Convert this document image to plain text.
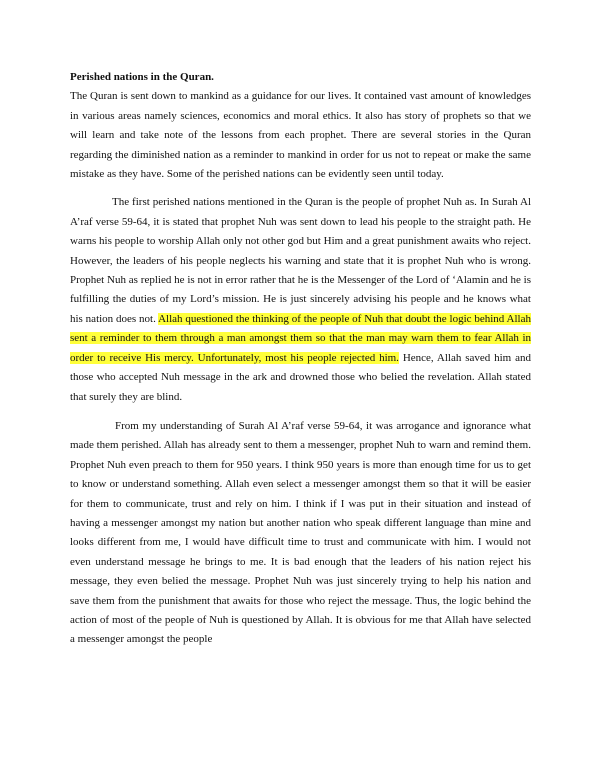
Perished nations in the Quran.

The Quran is sent down to mankind as a guidance for our lives. It contained vast amount of knowledges in various areas namely sciences, economics and moral ethics. It also has story of prophets so that we will learn and take note of the lessons from each prophet. There are several stories in the Quran regarding the diminished nation as a reminder to mankind in order for us not to repeat or make the same mistake as they have. Some of the perished nations can be evidently seen until today.

The first perished nations mentioned in the Quran is the people of prophet Nuh as. In Surah Al A’raf verse 59-64, it is stated that prophet Nuh was sent down to lead his people to the straight path. He warns his people to worship Allah only not other god but Him and a great punishment awaits who reject. However, the leaders of his people neglects his warning and state that it is prophet Nuh who is wrong. Prophet Nuh as replied he is not in error rather that he is the Messenger of the Lord of ‘Alamin and he is fulfilling the duties of my Lord’s mission. He is just sincerely advising his people and he knows what his nation does not. Allah questioned the thinking of the people of Nuh that doubt the logic behind Allah sent a reminder to them through a man amongst them so that the man may warn them to fear Allah in order to receive His mercy. Unfortunately, most his people rejected him. Hence, Allah saved him and those who accepted Nuh message in the ark and drowned those who belied the revelation. Allah stated that surely they are blind.

From my understanding of Surah Al A’raf verse 59-64, it was arrogance and ignorance what made them perished. Allah has already sent to them a messenger, prophet Nuh to warn and remind them. Prophet Nuh even preach to them for 950 years. I think 950 years is more than enough time for us to get to know or understand something. Allah even select a messenger amongst them so that it will be easier for them to communicate, trust and rely on him. I think if I was put in their situation and instead of having a messenger amongst my nation but another nation who speak different language than mine and looks different from me, I would have difficult time to trust and communicate with him. I would not even understand message he brings to me. It is bad enough that the leaders of his nation reject his message, they even belied the message. Prophet Nuh was just sincerely trying to help his nation and save them from the punishment that awaits for those who reject the message. Thus, the logic behind the action of most of the people of Nuh is questioned by Allah. It is obvious for me that Allah have selected a messenger amongst the people
